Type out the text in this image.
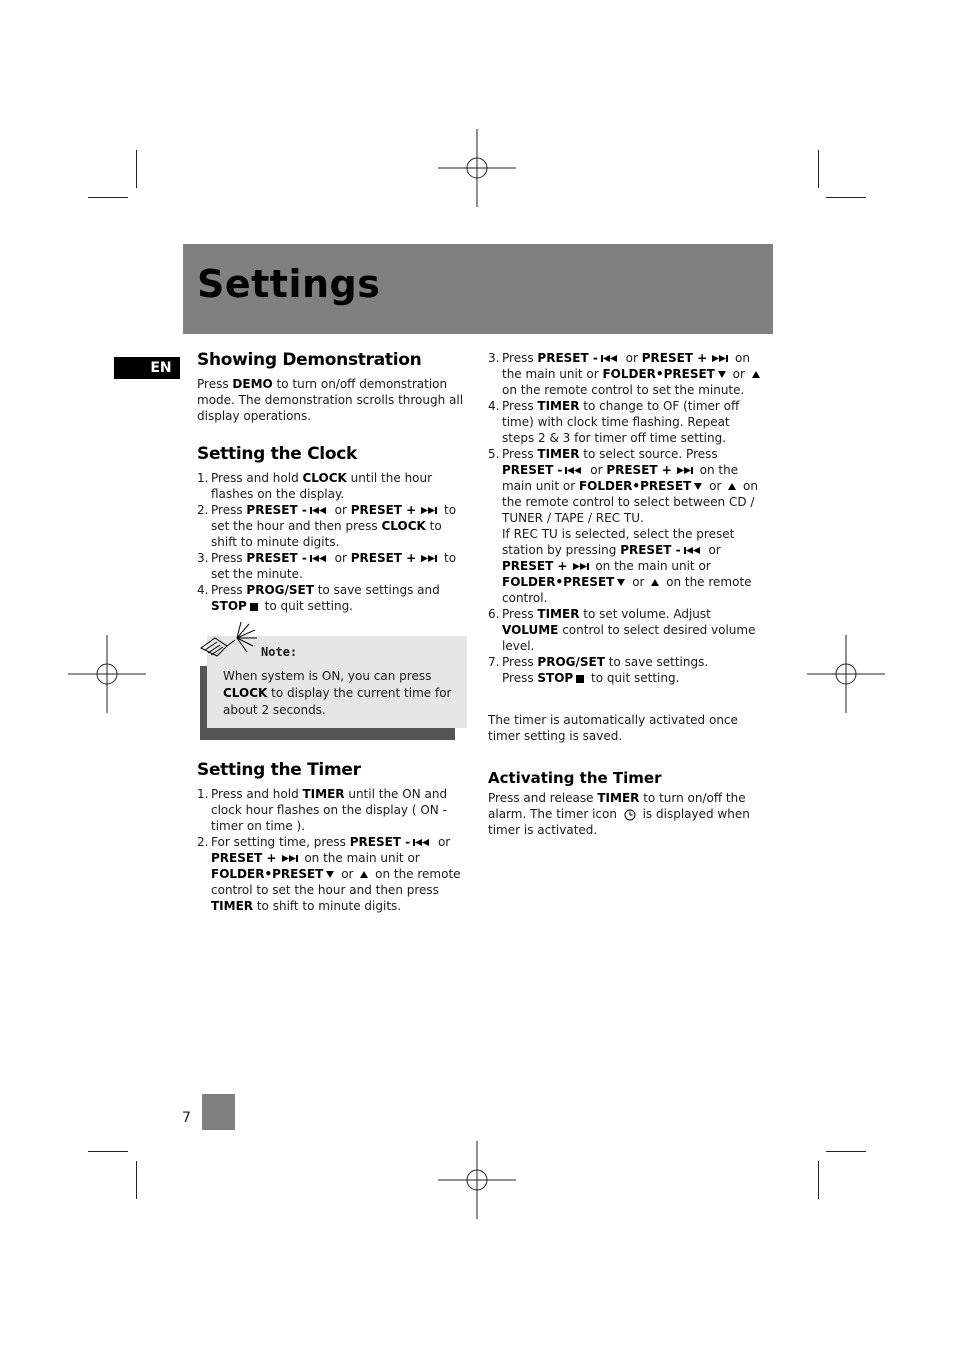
Settings
EN	Showing Demonstration

Press DEMO to turn on/off demonstration mode. The demonstration scrolls through all display operations.

Setting the Clock
1. Press and hold CLOCK until the hour flashes on the display.
2. Press PRESET - or PRESET + to set the hour and then press CLOCK to shift to minute digits.
3. Press PRESET - or PRESET + to set the minute.
4. Press PROG/SET to save settings and STOP to quit setting.
Note:
When system is ON, you can press CLOCK to display the current time for about 2 seconds.
Setting the Timer
1. Press and hold TIMER until the ON and clock hour flashes on the display ( ON - timer on time ).
2. For setting time, press PRESET - or PRESET + on the main unit or FOLDER•PRESET or  on the remote control to set the hour and then press TIMER to shift to minute digits.
3. Press PRESET - or PRESET + on the main unit or FOLDER•PRESET or  on the remote control to set the minute.
4. Press TIMER to change to OF (timer off time) with clock time flashing. Repeat steps 2 & 3 for timer off time setting.
5. Press TIMER to select source. Press PRESET - or PRESET + on the main unit or FOLDER•PRESET or  on the remote control to select between CD / TUNER / TAPE / REC TU.
If REC TU is selected, select the preset station by pressing PRESET - or PRESET + on the main unit or FOLDER•PRESET or  on the remote control.
6. Press TIMER to set volume. Adjust VOLUME control to select desired volume level.
7. Press PROG/SET to save settings.
Press STOP to quit setting.

The timer is automatically activated once timer setting is saved.

Activating the Timer

Press and release TIMER to turn on/off the alarm. The timer icon  is displayed when timer is activated.

7
